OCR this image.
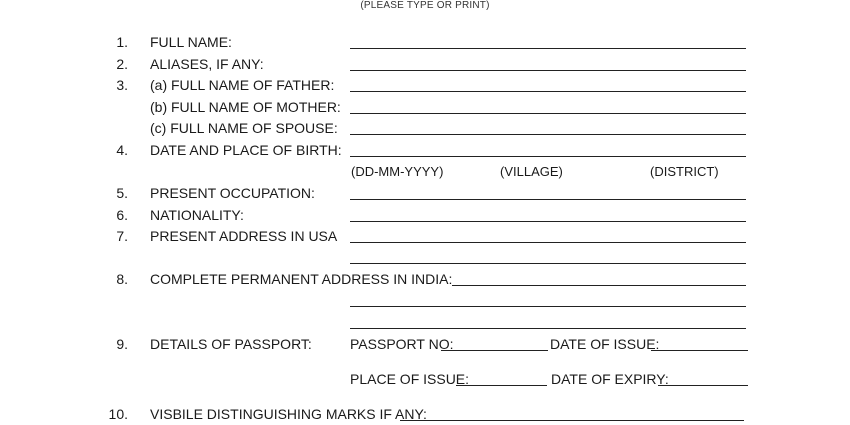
(PLEASE TYPE OR PRINT)
1. FULL NAME:
2. ALIASES, IF ANY:
3. (a) FULL NAME OF FATHER:
(b) FULL NAME OF MOTHER:
(c) FULL NAME OF SPOUSE:
4. DATE AND PLACE OF BIRTH:
(DD-MM-YYYY)	(VILLAGE)	(DISTRICT)
5. PRESENT OCCUPATION:
6. NATIONALITY:
7. PRESENT ADDRESS IN USA
8. COMPLETE PERMANENT ADDRESS IN INDIA:
9. DETAILS OF PASSPORT:	PASSPORT NO:	DATE OF ISSUE:
PLACE OF ISSUE:	DATE OF EXPIRY:
10. VISBILE DISTINGUISHING MARKS IF ANY:
